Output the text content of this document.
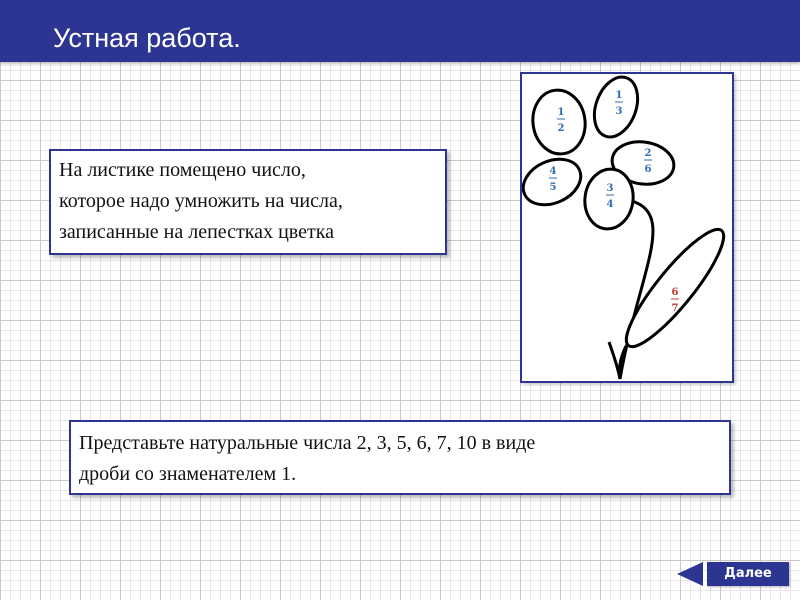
Устная работа.
На листике помещено число,
которое надо умножить на числа,
записанные на лепестках цветка
1
2
1
3
2
6
4
5	3
4
6
7
Представьте натуральные числа 2, 3, 5, 6, 7, 10 в виде
дроби со знаменателем 1.
Далее
